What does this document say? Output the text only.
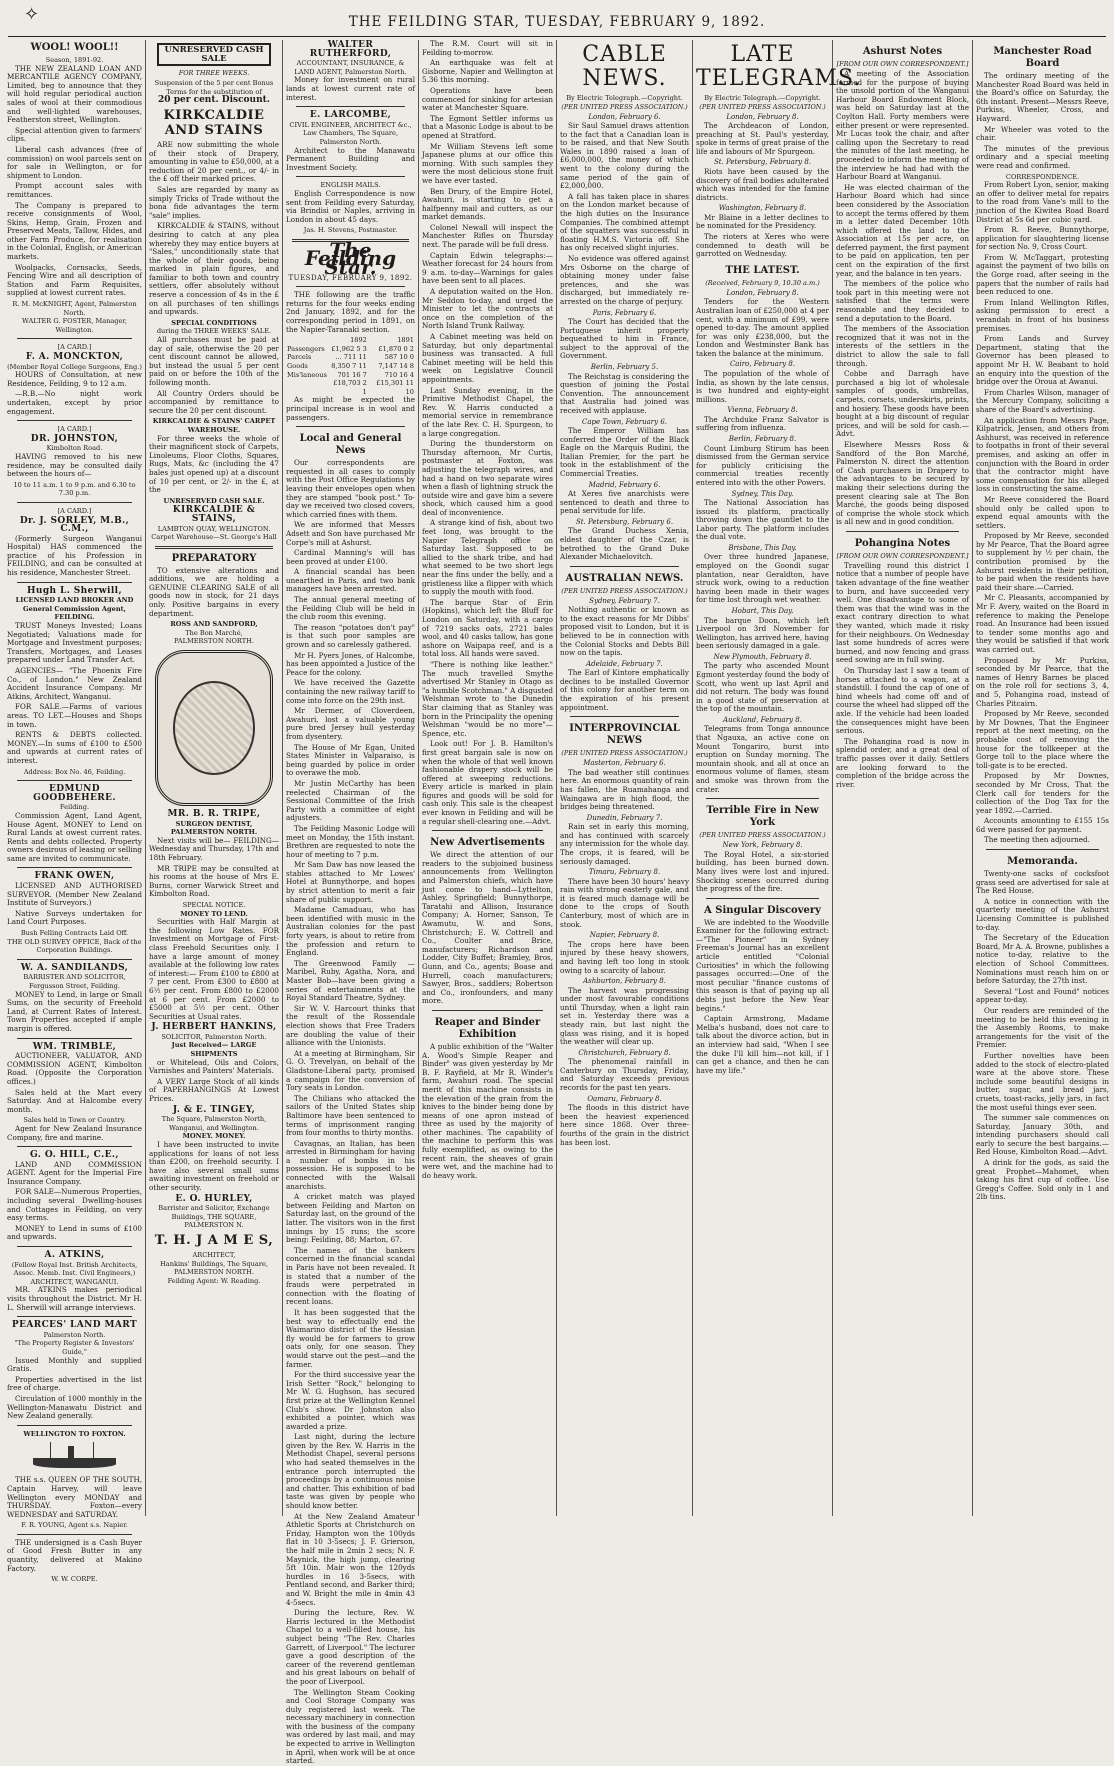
✧	THE FEILDING STAR, TUESDAY, FEBRUARY 9, 1892.
WOOL! WOOL!!
Season, 1891-92.

THE NEW ZEALAND LOAN AND MERCANTILE AGENCY COMPANY, Limited, beg to announce that they will hold regular periodical auction sales of wool at their commodious and well-lighted warehouses, Featherston street, Wellington.

Special attention given to farmers' clips.

Liberal cash advances (free of commission) on wool parcels sent on for sale in Wellington, or for shipment to London.

Prompt account sales with remittances.

The Company is prepared to receive consignments of Wool, Skins, Hemp, Grain, Frozen and Preserved Meats, Tallow, Hides, and other Farm Produce, for realisation in the Colonial, English, or American markets.

Woolpacks, Cornsacks, Seeds, Fencing Wire and all description of Station and Farm Requisites, supplied at lowest current rates.

R. M. McKNIGHT, Agent, Palmerston North.
WALTER G. FOSTER, Manager, Wellington.
[A CARD.]
F. A. MONCKTON,
(Member Royal College Surgeons, Eng.)

HOURS of Consultation, at new Residence, Feilding, 9 to 12 a.m.

—R.B.—No night work undertaken, except by prior engagement.

[A CARD.]
DR. JOHNSTON,
Kimbolton Road.

HAVING removed to his new residence, may be consulted daily between the hours of—

10 to 11 a.m. 1 to 9 p.m. and 6.30 to 7.30 p.m.
[A CARD.]
Dr. J. SORLEY, M.B., C.M.,

(Formerly Surgeon Wanganui Hospital) HAS commenced the practice of his Profession in FEILDING, and can be consulted at his residence, Manchester Street.

Hugh L. Sherwill,
LICENSED LAND BROKER AND General Commission Agent, FEILDING.

TRUST Moneys Invested; Loans Negotiated; Valuations made for Mortgage and Investment purposes; Transfers, Mortgages, and Leases prepared under Land Transfer Act.

AGENCIES— "The Phoenix Fire Co., of London." New Zealand Accident Insurance Company. Mr Atkins, Architect, Wanganui.

FOR SALE.—Farms of various areas. TO LET.—Houses and Shops in town.

RENTS & DEBTS collected. MONEY.—In sums of £100 to £500 and upwards at current rates of interest.

Address: Box No. 46, Feilding.
EDMUND GOODBEHERE.
Feilding.

Commission Agent, Land Agent, House Agent. MONEY to Lend on Rural Lands at owest current rates. Rents and debts collected. Property owners desirous of leasing or selling same are invited to communicate.

FRANK OWEN,

LICENSED AND AUTHORISED SURVEYOR. (Member New Zealand Institute of Surveyors.)

Native Surveys undertaken for Land Court Purposes.

Bush Felling Contracts Laid Off.
THE OLD SURVEY OFFICE, Back of the Corporation Buildings.
W. A. SANDILANDS,
BARRISTER AND SOLICITOR, Fergusson Street, Feilding.

MONEY to Lend, in large or Small Sums, on the security of Freehold Land, at Current Rates of Interest. Town Properties accepted if ample margin is offered.

WM. TRIMBLE,

AUCTIONEER, VALUATOR, AND COMMISSION AGENT, Kimbolton Road. (Opposite the Corporation offices.)

Sales held at the Mart every Saturday. And at Halcombe every month.

Sales held in Town or Country.

Agent for New Zealand Insurance Company, fire and marine.

G. O. HILL, C.E.,

LAND AND COMMISSION AGENT. Agent for the Imperial Fire Insurance Company.

FOR SALE—Numerous Properties, including several Dwelling-houses and Cottages in Feilding, on very easy terms.

MONEY to Lend in sums of £100 and upwards.

A. ATKINS,
(Fellow Royal Inst. British Architects, Assoc. Memb. Inst. Civil Engineers,) ARCHITECT, WANGANUI.

MR. ATKINS makes periodical visits throughout the District. Mr H. L. Sherwill will arrange interviews.

PEARCES' LAND MART
Palmerston North.
"The Property Register & Investors' Guide,"

Issued Monthly and supplied Gratis.

Properties advertised in the list free of charge.

Circulation of 1000 monthly in the Wellington-Manawatu District and New Zealand generally.

WELLINGTON TO FOXTON.

THE s.s. QUEEN OF THE SOUTH, Captain Harvey, will leave Wellington every MONDAY and THURSDAY. Foxton—every WEDNESDAY and SATURDAY.

F. R. YOUNG, Agent s.s. Napier.

THE undersigned is a Cash Buyer of Good Fresh Butter in any quantity, delivered at Makino Factory.

W. W. CORPE.
UNRESERVED CASH SALE
FOR THREE WEEKS.
Suspension of the 5 per cent Bonus Terms for the substitution of
20 per cent. Discount.
KIRKCALDIE AND STAINS

ARE now submitting the whole of their stock of Drapery, amounting in value to £50,000, at a reduction of 20 per cent., or 4/- in the £ off their marked prices.

Sales are regarded by many as simply Tricks of Trade without the bona fide advantages the term "sale" implies.

KIRKCALDIE & STAINS, without desiring to catch at any plea whereby they may entice buyers at "Sales," unconditionally state that the whole of their goods, being marked in plain figures, and familiar to both town and country settlers, offer absolutely without reserve a concession of 4s in the £ on all purchases of ten shillings and upwards.

SPECIAL CONDITIONS
during the THREE WEEKS' SALE.

All purchases must be paid at day of sale, otherwise the 20 per cent discount cannot be allowed, but instead the usual 5 per cent paid on or before the 10th of the following month.

All Country Orders should be accompanied by remittance to secure the 20 per cent discount.

KIRKCALDIE & STAINS' CARPET WAREHOUSE.

For three weeks the whole of their magnificent stock of Carpets, Linoleums, Floor Cloths, Squares, Rugs, Mats, &c (including the 47 bales just opened up) at a discount of 10 per cent, or 2/- in the £, at the

UNRESERVED CASH SALE.
KIRKCALDIE & STAINS,
LAMBTON QUAY, WELLINGTON.
Carpet Warehouse—St. George's Hall
PREPARATORY

TO extensive alterations and additions, we are holding a GENUINE CLEARING SALE of all goods now in stock, for 21 days only. Positive bargains in every department.

ROSS AND SANDFORD,
The Bon Marché,
PALMERSTON NORTH.
MR. B. R. TRIPE,
SURGEON DENTIST, PALMERSTON NORTH.

Next visits will be— FEILDING—Wednesday and Thursday, 17th and 18th February.

MR TRIPE may be consulted at his rooms at the house of Mrs E. Burns, corner Warwick Street and Kimbolton Road.

SPECIAL NOTICE.
MONEY TO LEND.

Securities with Half Margin at the following Low Rates. FOR Investment on Mortgage of First-class Freehold Securities only. I have a large amount of money available at the following low rates of interest:— From £100 to £800 at 7 per cent. From £300 to £800 at 6½ per cent. From £800 to £2000 at 6 per cent. From £2000 to £5000 at 5½ per cent. Other Securities at Usual rates.

J. HERBERT HANKINS,
SOLICITOR, Palmerston North.
Just Received— LARGE SHIPMENTS

or Whitelead, Oils and Colors, Varnishes and Painters' Materials.

A VERY Large Stock of all kinds of PAPERHANGINGS At Lowest Prices.

J. & E. TINGEY,
The Square, Palmerston North, Wanganui, and Wellington.
MONEY. MONEY.

I have been instructed to invite applications for loans of not less than £200, on freehold security. I have also several small sums awaiting investment on freehold or other security.

E. O. HURLEY,
Barrister and Solicitor, Exchange Buildings, THE SQUARE, PALMERSTON N.
T. H. J A M E S,
ARCHITECT,
Hankins' Buildings, The Square, PALMERSTON NORTH.
Feilding Agent: W. Reading.
WALTER RUTHERFORD,
ACCOUNTANT, INSURANCE, & LAND AGENT, Palmerston North.

Money for investment on rural lands at lowest current rate of interest.

E. LARCOMBE,
CIVIL ENGINEER, ARCHITECT &c., Law Chambers, The Square, Palmerston North.

Architect to the Manawatu Permanent Building and Investment Society.

ENGLISH MAILS.

English Correspondence is now sent from Feilding every Saturday, via Brindisi or Naples, arriving in London in about 45 days.

Jas. H. Stevens, Postmaster.
The Feilding Star.
TUESDAY, FEBRUARY 9, 1892.

THE following are the traffic returns for the four weeks ending 2nd January, 1892, and for the corresponding period in 1891, on the Napier-Taranaki section.

	1892	1891
Passengers	£1,962 5 3	£1,870 0 2
Parcels	... 711 11	587 10 0
Goods	8,350 7 11	7,147 14 8
Mis'laneous	701 16 7	710 16 4
	£18,703 2 1	£15,301 11 10

As might be expected the principal increase is in wool and passengers.

Local and General News

Our correspondents are requested in all cases to comply with the Post Office Regulations by leaving their envelopes open when they are stamped "book post." To-day we received two closed covers, which carried fines with them.

We are informed that Messrs Adsett and Son have purchased Mr Corpe's mill at Ashurst.

Cardinal Manning's will has been proved at under £100.

A financial scandal has been unearthed in Paris, and two bank managers have been arrested.

The annual general meeting of the Feilding Club will be held in the club room this evening.

The reason "potatoes don't pay" is that such poor samples are grown and so carelessly gathered.

Mr H. Pyers Jones, of Halcombe, has been appointed a Justice of the Peace for the colony.

We have received the Gazette containing the new railway tariff to come into force on the 29th inst.

Mr Dermer, of Cloverdeen, Awahuri, lost a valuable young pure bred Jersey bull yesterday from dysentery.

The House of Mr Egan, United States Minister in Valparaiso, is being guarded by police in order to overawe the mob.

Mr Justin McCarthy has been reelected Chairman of the Sessional Committee of the Irish Party with a committee of eight adjusters.

The Feilding Masonic Lodge will meet on Monday, the 15th instant. Brethren are requested to note the hour of meeting to 7 p.m.

Mr Sam Daw has now leased the stables attached to Mr Lowes' Hotel at Bunnythorpe, and hopes by strict attention to merit a fair share of public support.

Madame Camaduau, who has been identified with music in the Australian colonies for the past forty years, is about to retire from the profession and return to England.

The Greenwood Family — Maribel, Ruby, Agatha, Nora, and Master Bob—have been giving a series of entertainments at the Royal Standard Theatre, Sydney.

Sir W. V. Harcourt thinks that the result of the Rossendale election shows that Free Traders are doubling the value of their alliance with the Unionists.

At a meeting at Birmingham, Sir G. O. Trevelyan, on behalf of the Gladstone-Liberal party, promised a campaign for the conversion of Tory seats in London.

The Chilians who attacked the sailors of the United States ship Baltimore have been sentenced to terms of imprisonment ranging from four months to thirty months.

Cavagnas, an Italian, has been arrested in Birmingham for having a number of bombs in his possession. He is supposed to be connected with the Walsall anarchists.

A cricket match was played between Feilding and Marton on Saturday last, on the ground of the latter. The visitors won in the first innings by 15 runs; the score being: Feilding, 88; Marton, 67.

The names of the bankers concerned in the financial scandal in Paris have not been revealed. It is stated that a number of the frauds were perpetrated in connection with the floating of recent loans.

It has been suggested that the best way to effectually end the Waimarino district of the Hessian fly would be for farmers to grow oats only, for one season. They would starve out the pest—and the farmer.

For the third successive year the Irish Setter "Rock," belonging to Mr W. G. Hughson, has secured first prize at the Wellington Kennel Club's show. Dr Johnston also exhibited a pointer, which was awarded a prize.

Last night, during the lecture given by the Rev. W. Harris in the Methodist Chapel, several persons who had seated themselves in the entrance porch interrupted the proceedings by a continuous noise and chatter. This exhibition of bad taste was given by people who should know better.

At the New Zealand Amateur Athletic Sports at Christchurch on Friday, Hampton won the 100yds flat in 10 3-5secs; J. F. Grierson, the half mile in 2min 2 secs; N. F. Maynick, the high jump, clearing 5ft 10in. Mair won the 120yds hurdles in 16 3-5secs, with Pentland second, and Barker third; and W. Bright the mile in 4min 43 4-5secs.

During the lecture, Rev. W. Harris lectured in the Methodist Chapel to a well-filled house, his subject being "The Rev. Charles Garrett, of Liverpool." The lecturer gave a good description of the career of the reverend gentleman and his great labours on behalf of the poor of Liverpool.

The Wellington Steam Cooking and Cool Storage Company was duly registered last week. The necessary machinery in connection with the business of the company was ordered by last mail, and may be expected to arrive in Wellington in April, when work will be at once started.

The R.M. Court will sit in Feilding to-morrow.

An earthquake was felt at Gisborne, Napier and Wellington at 5.36 this morning.

Operations have been commenced for sinking for artesian water at Manchester Square.

The Egmont Settler informs us that a Masonic Lodge is about to be opened at Stratford.

Mr William Stevens left some Japanese plums at our office this morning. With such samples they were the most delicious stone fruit we have ever tasted.

Ben Drury, of the Empire Hotel, Awahuri, is starting to get a halfpenny mail and cutters, as our market demands.

Colonel Newall will inspect the Manchester Rifles on Thursday next. The parade will be full dress.

Captain Edwin telegraphs:—Weather forecast for 24 hours from 9 a.m. to-day—Warnings for gales have been sent to all places.

A deputation waited on the Hon. Mr Seddon to-day, and urged the Minister to let the contracts at once on the completion of the North Island Trunk Railway.

A Cabinet meeting was held on Saturday, but only departmental business was transacted. A full Cabinet meeting will be held this week on Legislative Council appointments.

Last Sunday evening, in the Primitive Methodist Chapel, the Rev. W. Harris conducted a memorial service in remembrance of the late Rev. C. H. Spurgeon, to a large congregation.

During the thunderstorm on Thursday afternoon, Mr Curtis, postmaster at Foxton, was adjusting the telegraph wires, and had a hand on two separate wires when a flash of lightning struck the outside wire and gave him a severe shock, which caused him a good deal of inconvenience.

A strange kind of fish, about two feet long, was brought to the Napier Telegraph office on Saturday last. Supposed to be allied to the shark tribe, and had what seemed to be two short legs near the fins under the belly, and a gristleness like a flipper with which to supply the mouth with food.

The barque Star of Erin (Hopkins), which left the Bluff for London on Saturday, with a cargo of 7219 sacks oats, 2721 bales wool, and 40 casks tallow, has gone ashore on Waipapa reef, and is a total loss. All hands were saved.

"There is nothing like leather." The much travelled Smythe advertised Mr Stanley in Otago as "a humble Scotchman." A disgusted Welshman wrote to the Dunedin Star claiming that as Stanley was born in the Principality the opening Welshman "would be no more"—Spence, etc.

Look out! For J. B. Hamilton's first great bargain sale is now on when the whole of that well known fashionable drapery stock will be offered at sweeping reductions. Every article is marked in plain figures and goods will be sold for cash only. This sale is the cheapest ever known in Feilding and will be a regular shell-clearing one.—Advt.

New Advertisements

We direct the attention of our readers to the subjoined business announcements from Wellington and Palmerston chiefs, which have just come to hand—Lyttelton, Ashley, Springfield; Bunnythorpe, Taratahi and Allison, Insurance Company; A. Horner, Sanson, Te Awamutu, W. and Sons, Christchurch; E. W. Cottrell and Co., Coulter and Brice, manufacturers; Richardson and Lodder, City Buffet; Bramley, Bros, Gunn, and Co., agents; Boase and Hurrell, coach manufacturers; Sawyer, Bros., saddlers; Robertson and Co., ironfounders, and many more.

Reaper and Binder Exhibition

A public exhibition of the "Walter A. Wood's Simple Reaper and Binder" was given yesterday by Mr B. F. Rayfield, at Mr R. Winder's farm, Awahuri road. The special merit of this machine consists in the elevation of the grain from the knives to the binder being done by means of one apron instead of three as used by the majority of other machines. The capability of the machine to perform this was fully exemplified, as owing to the recent rain, the sheaves of grain were wet, and the machine had to do heavy work.

CABLE NEWS.
By Electric Telegraph.—Copyright.
(PER UNITED PRESS ASSOCIATION.)
London, February 6.

Sir Saul Samuel draws attention to the fact that a Canadian loan is to be raised, and that New South Wales in 1890 raised a loan of £6,000,000, the money of which went to the colony during the same period of the gain of £2,000,000.

A fall has taken place in shares on the London market because of the high duties on the Insurance Companies. The combined attempt of the squatters was successful in floating H.M.S. Victoria off. She has only received slight injuries.

No evidence was offered against Mrs Osborne on the charge of obtaining money under false pretences, and she was discharged, but immediately re-arrested on the charge of perjury.

Paris, February 6.

The Court has decided that the Portuguese inherit property bequeathed to him in France, subject to the approval of the Government.

Berlin, February 5.

The Reichstag is considering the question of joining the Postal Convention. The announcement that Australia had joined was received with applause.

Cape Town, February 6.

The Emperor William has conferred the Order of the Black Eagle on the Marquis Rudini, the Italian Premier, for the part he took in the establishment of the Commercial Treaties.

Madrid, February 6.

At Xeres five anarchists were sentenced to death and three to penal servitude for life.

St. Petersburg, February 6.

The Grand Duchess Xenia, eldest daughter of the Czar, is betrothed to the Grand Duke Alexander Michaelovitch.

AUSTRALIAN NEWS.
(PER UNITED PRESS ASSOCIATION.)
Sydney, February 7.

Nothing authentic or known as to the exact reasons for Mr Dibbs' proposed visit to London, but it is believed to be in connection with the Colonial Stocks and Debts Bill now on the tapis.

Adelaide, February 7.

The Earl of Kintore emphatically declines to be installed Governor of this colony for another term on the expiration of his present appointment.

INTERPROVINCIAL NEWS
(PER UNITED PRESS ASSOCIATION.)
Masterton, February 6.

The bad weather still continues here. An enormous quantity of rain has fallen, the Ruamahanga and Waingawa are in high flood, the bridges being threatened.

Dunedin, February 7.

Rain set in early this morning, and has continued with scarcely any intermission for the whole day. The crops, it is feared, will be seriously damaged.

Timaru, February 8.

There have been 30 hours' heavy rain with strong easterly gale, and it is feared much damage will be done to the crops of South Canterbury, most of which are in stook.

Napier, February 8.

The crops here have been injured by these heavy showers, and having left too long in stook owing to a scarcity of labour.

Ashburton, February 8.

The harvest was progressing under most favourable conditions until Thursday, when a light rain set in. Yesterday there was a steady rain, but last night the glass was rising, and it is hoped the weather will clear up.

Christchurch, February 8.

The phenomenal rainfall in Canterbury on Thursday, Friday, and Saturday exceeds previous records for the past ten years.

Oamaru, February 8.

The floods in this district have been the heaviest experienced here since 1868. Over three-fourths of the grain in the district has been lost.

LATE TELEGRAMS.
By Electric Telegraph.—Copyright.
(PER UNITED PRESS ASSOCIATION.)
London, February 8.

The Archdeacon of London, preaching at St. Paul's yesterday, spoke in terms of great praise of the life and labours of Mr Spurgeon.

St. Petersburg, February 8.

Riots have been caused by the discovery of frail bodies adulterated which was intended for the famine districts.

Washington, February 8.

Mr Blaine in a letter declines to be nominated for the Presidency.

The rioters at Xeres who were condemned to death will be garrotted on Wednesday.

THE LATEST.
(Received, February 9, 10.30 a.m.)
London, February 8.

Tenders for the Western Australian loan of £250,000 at 4 per cent, with a minimum of £99, were opened to-day. The amount applied for was only £238,000, but the London and Westminster Bank has taken the balance at the minimum.

Cairo, February 8.

The population of the whole of India, as shown by the late census, is two hundred and eighty-eight millions.

Vienna, February 8.

The Archduke Franz Salvator is suffering from influenza.

Berlin, February 8.

Count Limburg Stirum has been dismissed from the German service for publicly criticising the commercial treaties recently entered into with the other Powers.

Sydney, This Day.

The National Association has issued its platform, practically throwing down the gauntlet to the Labor party. The platform includes the dual vote.

Brisbane, This Day.

Over three hundred Japanese, employed on the Goondi sugar plantation, near Geraldton, have struck work, owing to a reduction having been made in their wages for time lost through wet weather.

Hobart, This Day.

The barque Doon, which left Liverpool on 3rd November for Wellington, has arrived here, having been seriously damaged in a gale.

New Plymouth, February 8.

The party who ascended Mount Egmont yesterday found the body of Scott, who went up last April and did not return. The body was found in a good state of preservation at the top of the mountain.

Auckland, February 8.

Telegrams from Tonga announce that Ngauxa, an active cone on Mount Tongariro, burst into eruption on Sunday morning. The mountain shook, and all at once an enormous volume of flames, steam and smoke was thrown from the crater.

Terrible Fire in New York
(PER UNITED PRESS ASSOCIATION.)
New York, February 8.

The Royal Hotel, a six-storied building, has been burned down. Many lives were lost and injured. Shocking scenes occurred during the progress of the fire.

A Singular Discovery

We are indebted to the Woodville Examiner for the following extract:—"The Pioneer" in Sydney Freeman's Journal has an excellent article entitled "Colonial Curiosities" in which the following passages occurred:—One of the most peculiar "finance customs of this season is that of paying up all debts just before the New Year begins."

Captain Armstrong, Madame Melba's husband, does not care to talk about the divorce action, but in an interview had said, "When I see the duke I'll kill him—not kill, if I can get a chance, and then he can have my life."

Ashurst Notes
[FROM OUR OWN CORRESPONDENT.]

A meeting of the Association formed for the purpose of buying the unsold portion of the Wanganui Harbour Board Endowment Block, was held on Saturday last at the Coylton Hall. Forty members were either present or were represented. Mr Lucas took the chair, and after calling upon the Secretary to read the minutes of the last meeting, he proceeded to inform the meeting of the interview he had had with the Harbour Board at Wanganui.

He was elected chairman of the Harbour Board which had since been considered by the Association to accept the terms offered by them in a letter dated December 10th which offered the land to the Association at 15s per acre, on deferred payment, the first payment to be paid on application, ten per cent on the expiration of the first year, and the balance in ten years.

The members of the police who took part in this meeting were not satisfied that the terms were reasonable and they decided to send a deputation to the Board.

The members of the Association recognized that it was not in the interests of the settlers in the district to allow the sale to fall through.

Cobbe and Darragh have purchased a big lot of wholesale samples of goods, umbrellas, carpets, corsets, underskirts, prints, and hosiery. These goods have been bought at a big discount of regular prices, and will be sold for cash.—Advt.

Elsewhere Messrs Ross & Sandford of the Bon Marché, Palmerston N. direct the attention of Cash purchasers in Drapery to the advantages to be secured by making their selections during the present clearing sale at The Bon Marché, the goods being disposed of comprise the whole stock which is all new and in good condition.

Pohangina Notes
[FROM OUR OWN CORRESPONDENT.]

Travelling round this district I notice that a number of people have taken advantage of the fine weather to burn, and have succeeded very well. One disadvantage to some of them was that the wind was in the exact contrary direction to what they wanted, which made it risky for their neighbours. On Wednesday last some hundreds of acres were burned, and now fencing and grass seed sowing are in full swing.

On Thursday last I saw a team of horses attached to a wagon, at a standstill. I found the cap of one of hind wheels had come off and of course the wheel had slipped off the axle. If the vehicle had been loaded the consequences might have been serious.

The Pohangina road is now in splendid order, and a great deal of traffic passes over it daily. Settlers are looking forward to the completion of the bridge across the river.

Manchester Road Board

The ordinary meeting of the Manchester Road Board was held in the Board's office on Saturday, the 6th instant. Present—Messrs Reeve, Purkiss, Wheeler, Cross, and Hayward.

Mr Wheeler was voted to the chair.

The minutes of the previous ordinary and a special meeting were read and confirmed.

CORRESPONDENCE.

From Robert Lyon, senior, making an offer to deliver metal for repairs to the road from Vane's mill to the junction of the Kiwitea Road Board District at 5s 6d per cubic yard.

From R. Reeve, Bunnythorpe, application for slaughtering license for section No. 9, Cross Court.

From W. McTaggart, protesting against the payment of two bills on the Gorge road, after seeing in the papers that the number of rails had been reduced to one.

From Inland Wellington Rifles, asking permission to erect a verandah in front of his business premises.

From Lands and Survey Department, stating that the Governor has been pleased to appoint Mr H. W. Beabant to hold an enquiry into the question of the bridge over the Oroua at Awanui.

From Charles Wilson, manager of the Mercury Company, soliciting a share of the Board's advertising.

An application from Messrs Page, Kilpatrick, Jensen, and others from Ashhurst, was received in reference to footpaths in front of their several premises, and asking an offer in conjunction with the Board in order that the contractor might have some compensation for his alleged loss in constructing the same.

Mr Reeve considered the Board should only be called upon to expend equal amounts with the settlers.

Proposed by Mr Reeve, seconded by Mr Pearce, That the Board agree to supplement by ½ per chain, the contribution promised by the Ashurst residents in their petition, to be paid when the residents have paid their share.—Carried.

Mr C. Pleasants, accompanied by Mr F. Avery, waited on the Board in reference to making the Penelope road. An Insurance had been issued to tender some months ago and they would be satisfied if that work was carried out.

Proposed by Mr Purkiss, seconded by Mr Pearce, that the names of Henry Barnes be placed on the role roll for sections 3, 4, and 5, Pohangina road, instead of Charles Pitcairn.

Proposed by Mr Reeve, seconded by Mr Downes, That the Engineer report at the next meeting, on the probable cost of removing the house for the tollkeeper at the Gorge toll to the place where the toll-gate is to be erected.

Proposed by Mr Downes, seconded by Mr Cross, That the Clerk call for tenders for the collection of the Dog Tax for the year 1892.—Carried.

Accounts amounting to £155 15s 6d were passed for payment.

The meeting then adjourned.

Memoranda.

Twenty-one sacks of cocksfoot grass seed are advertised for sale at The Red House.

A notice in connection with the quarterly meeting of the Ashurst Licensing Committee is published to-day.

The Secretary of the Education Board, Mr A. A. Browne, publishes a notice to-day, relative to the election of School Committees. Nominations must reach him on or before Saturday, the 27th inst.

Several "Lost and Found" notices appear to-day.

Our readers are reminded of the meeting to be held this evening in the Assembly Rooms, to make arrangements for the visit of the Premier.

Further novelties have been added to the stock of electro-plated ware at the above store. These include some beautiful designs in butter, sugar, and bread jars, cruets, toast-racks, jelly jars, in fact the most useful things ever seen.

The summer sale commences on Saturday, January 30th, and intending purchasers should call early to secure the best bargains.—Red House, Kimbolton Road.—Advt.

A drink for the gods, as said the great Prophet—Mahomet, when taking his first cup of coffee. Use Gregg's Coffee. Sold only in 1 and 2lb tins.
